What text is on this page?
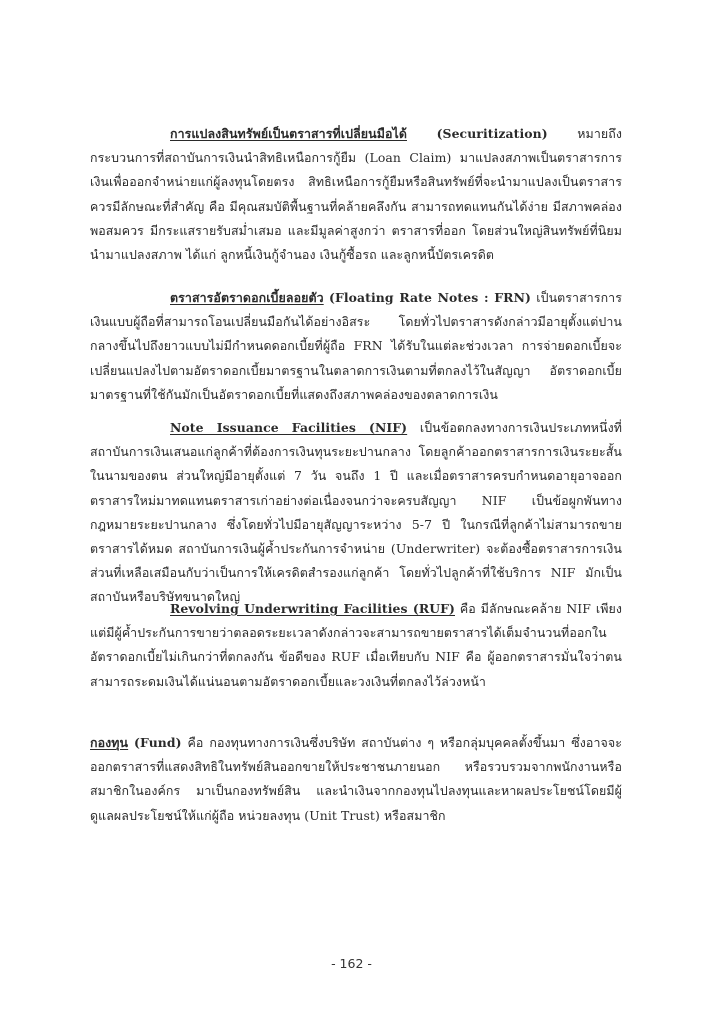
การแปลงสินทรัพย์เป็นตราสารที่เปลี่ยนมือได้ (Securitization) หมายถึง กระบวนการที่สถาบันการเงินนำสิทธิเหนือการกู้ยืม (Loan Claim) มาแปลงสภาพเป็นตราสารการเงินเพื่อออกจำหน่ายแก่ผู้ลงทุนโดยตรง สิทธิเหนือการกู้ยืมหรือสินทรัพย์ที่จะนำมาแปลงเป็นตราสาร ควรมีลักษณะที่สำคัญ คือ มีคุณสมบัติพื้นฐานที่คล้ายคลึงกัน สามารถทดแทนกันได้ง่าย มีสภาพคล่องพอสมควร มีกระแสรายรับสม่ำเสมอ และมีมูลค่าสูงกว่า ตราสารที่ออก โดยส่วนใหญ่สินทรัพย์ที่นิยมนำมาแปลงสภาพ ได้แก่ ลูกหนี้เงินกู้จำนอง เงินกู้ซื้อรถ และลูกหนี้บัตรเครดิต

ตราสารอัตราดอกเบี้ยลอยตัว (Floating Rate Notes : FRN) เป็นตราสารการเงินแบบผู้ถือที่สามารถโอนเปลี่ยนมือกันได้อย่างอิสระ โดยทั่วไปตราสารดังกล่าวมีอายุตั้งแต่ปานกลางขึ้นไปถึงยาวแบบไม่มีกำหนดดอกเบี้ยที่ผู้ถือ FRN ได้รับในแต่ละช่วงเวลา การจ่ายดอกเบี้ยจะเปลี่ยนแปลงไปตามอัตราดอกเบี้ยมาตรฐานในตลาดการเงินตามที่ตกลงไว้ในสัญญา อัตราดอกเบี้ยมาตรฐานที่ใช้กันมักเป็นอัตราดอกเบี้ยที่แสดงถึงสภาพคล่องของตลาดการเงิน

Note Issuance Facilities (NIF) เป็นข้อตกลงทางการเงินประเภทหนึ่งที่สถาบันการเงินเสนอแก่ลูกค้าที่ต้องการเงินทุนระยะปานกลาง โดยลูกค้าออกตราสารการเงินระยะสั้นในนามของตน ส่วนใหญ่มีอายุตั้งแต่ 7 วัน จนถึง 1 ปี และเมื่อตราสารครบกำหนดอายุอาจออกตราสารใหม่มาทดแทนตราสารเก่าอย่างต่อเนื่องจนกว่าจะครบสัญญา NIF เป็นข้อผูกพันทางกฎหมายระยะปานกลาง ซึ่งโดยทั่วไปมีอายุสัญญาระหว่าง 5-7 ปี ในกรณีที่ลูกค้าไม่สามารถขายตราสารได้หมด สถาบันการเงินผู้ค้ำประกันการจำหน่าย (Underwriter) จะต้องซื้อตราสารการเงินส่วนที่เหลือเสมือนกับว่าเป็นการให้เครดิตสำรองแก่ลูกค้า โดยทั่วไปลูกค้าที่ใช้บริการ NIF มักเป็นสถาบันหรือบริษัทขนาดใหญ่

Revolving Underwriting Facilities (RUF) คือ มีลักษณะคล้าย NIF เพียงแต่มีผู้ค้ำประกันการขายว่าตลอดระยะเวลาดังกล่าวจะสามารถขายตราสารได้เต็มจำนวนที่ออกในอัตราดอกเบี้ยไม่เกินกว่าที่ตกลงกัน ข้อดีของ RUF เมื่อเทียบกับ NIF คือ ผู้ออกตราสารมั่นใจว่าตนสามารถระดมเงินได้แน่นอนตามอัตราดอกเบี้ยและวงเงินที่ตกลงไว้ล่วงหน้า

กองทุน (Fund) คือ กองทุนทางการเงินซึ่งบริษัท สถาบันต่าง ๆ หรือกลุ่มบุคคลตั้งขึ้นมา ซึ่งอาจจะออกตราสารที่แสดงสิทธิในทรัพย์สินออกขายให้ประชาชนภายนอก หรือรวบรวมจากพนักงานหรือสมาชิกในองค์กร มาเป็นกองทรัพย์สิน และนำเงินจากกองทุนไปลงทุนและหาผลประโยชน์โดยมีผู้ดูแลผลประโยชน์ให้แก่ผู้ถือ หน่วยลงทุน (Unit Trust) หรือสมาชิก

- 162 -
